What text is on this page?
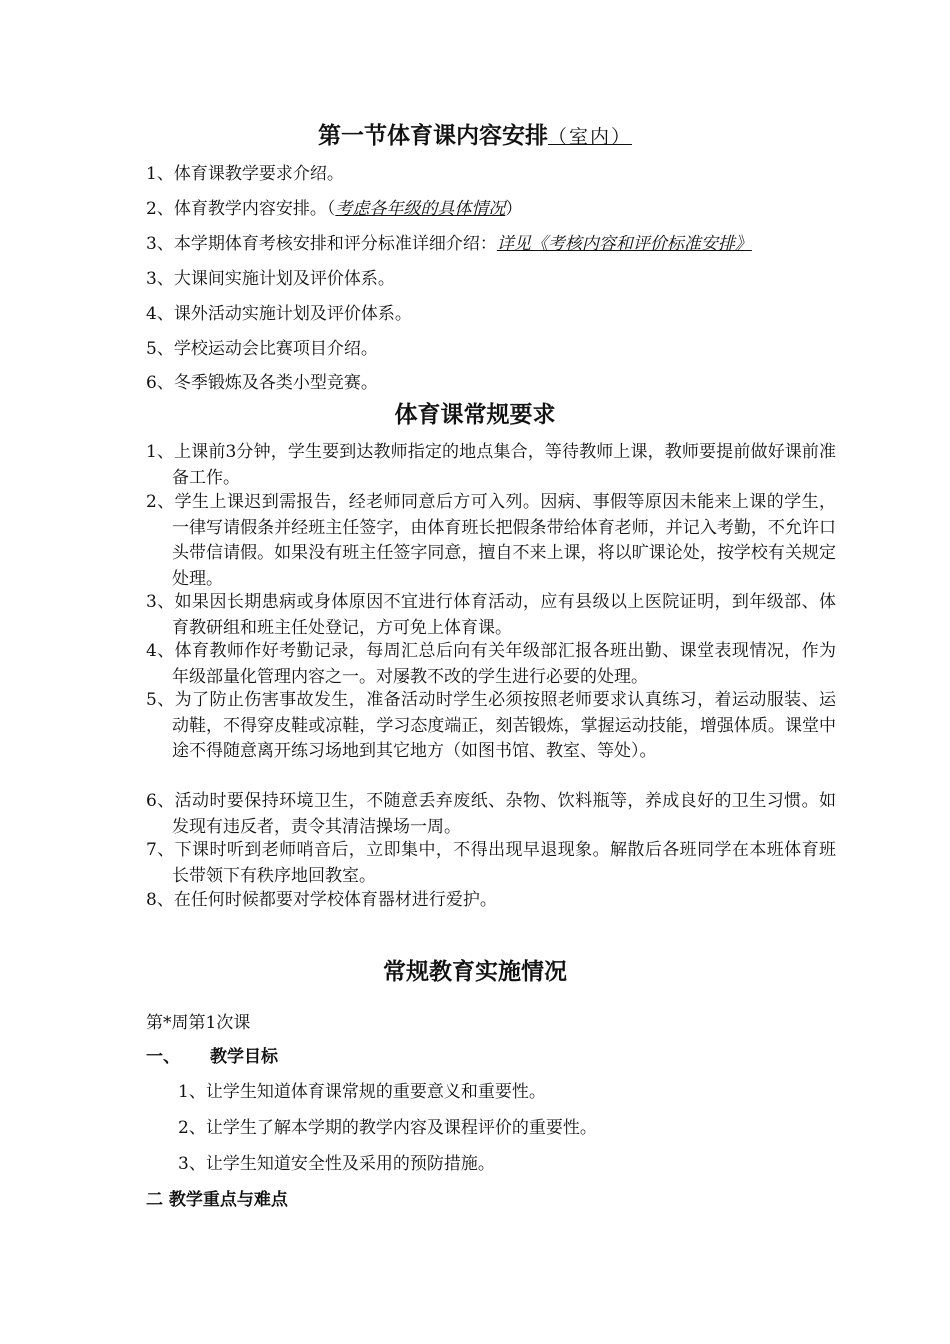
第一节体育课内容安排（室内）
1、体育课教学要求介绍。
2、体育教学内容安排。（考虑各年级的具体情况）
3、本学期体育考核安排和评分标准详细介绍：详见《考核内容和评价标准安排》
3、大课间实施计划及评价体系。
4、课外活动实施计划及评价体系。
5、学校运动会比赛项目介绍。
6、冬季锻炼及各类小型竞赛。
体育课常规要求
1、上课前3分钟，学生要到达教师指定的地点集合，等待教师上课，教师要提前做好课前准备工作。
2、学生上课迟到需报告，经老师同意后方可入列。因病、事假等原因未能来上课的学生，一律写请假条并经班主任签字，由体育班长把假条带给体育老师，并记入考勤，不允许口头带信请假。如果没有班主任签字同意，擅自不来上课，将以旷课论处，按学校有关规定处理。
3、如果因长期患病或身体原因不宜进行体育活动，应有县级以上医院证明，到年级部、体育教研组和班主任处登记，方可免上体育课。
4、体育教师作好考勤记录，每周汇总后向有关年级部汇报各班出勤、课堂表现情况，作为年级部量化管理内容之一。对屡教不改的学生进行必要的处理。
5、为了防止伤害事故发生，准备活动时学生必须按照老师要求认真练习，着运动服装、运动鞋，不得穿皮鞋或凉鞋，学习态度端正，刻苦锻炼，掌握运动技能，增强体质。课堂中途不得随意离开练习场地到其它地方（如图书馆、教室、等处）。
6、活动时要保持环境卫生，不随意丢弃废纸、杂物、饮料瓶等，养成良好的卫生习惯。如发现有违反者，责令其清洁操场一周。
7、下课时听到老师哨音后，立即集中，不得出现早退现象。解散后各班同学在本班体育班长带领下有秩序地回教室。
8、在任何时候都要对学校体育器材进行爱护。
常规教育实施情况
第*周第1次课
一、 教学目标
1、让学生知道体育课常规的重要意义和重要性。
2、让学生了解本学期的教学内容及课程评价的重要性。
3、让学生知道安全性及采用的预防措施。
二 教学重点与难点
